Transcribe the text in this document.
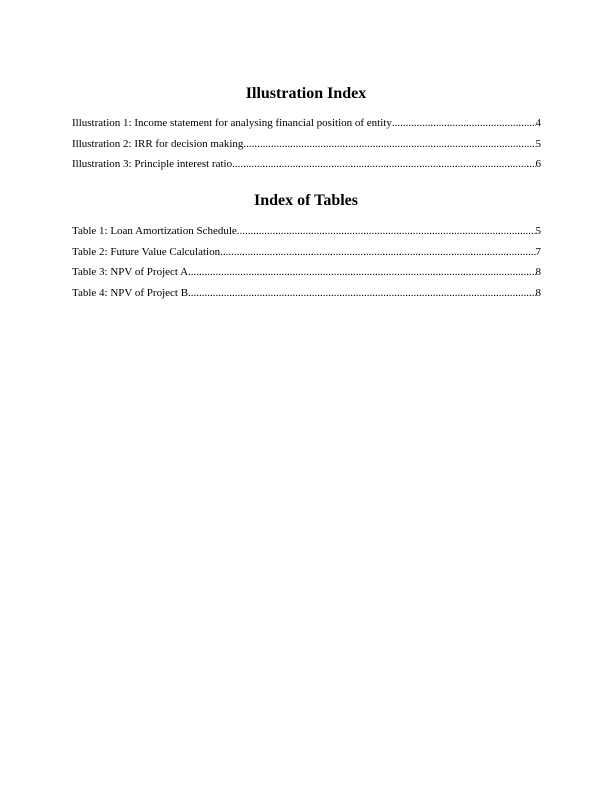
Illustration Index
Illustration 1: Income statement for analysing financial position of entity .....	4
Illustration 2: IRR for decision making .....	5
Illustration 3: Principle interest ratio .....	6
Index of Tables
Table 1: Loan Amortization Schedule .....	5
Table 2: Future Value Calculation .....	7
Table 3: NPV of Project A .....	8
Table 4: NPV of Project B .....	8
